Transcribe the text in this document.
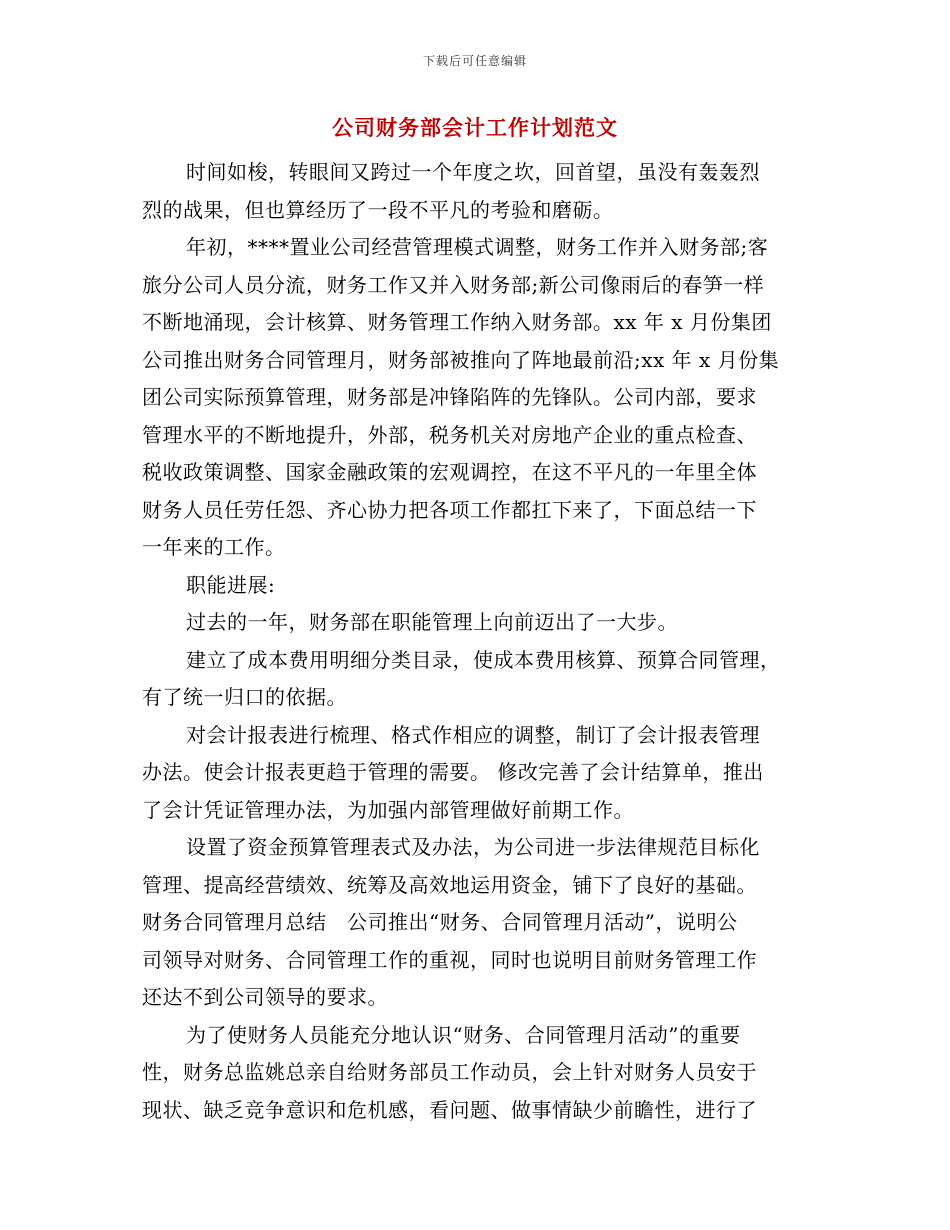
下载后可任意编辑
公司财务部会计工作计划范文
时间如梭，转眼间又跨过一个年度之坎，回首望，虽没有轰轰烈
烈的战果，但也算经历了一段不平凡的考验和磨砺。
年初，****置业公司经营管理模式调整，财务工作并入财务部;客
旅分公司人员分流，财务工作又并入财务部;新公司像雨后的春笋一样
不断地涌现，会计核算、财务管理工作纳入财务部。xx 年 x 月份集团
公司推出财务合同管理月，财务部被推向了阵地最前沿;xx 年 x 月份集
团公司实际预算管理，财务部是冲锋陷阵的先锋队。公司内部，要求
管理水平的不断地提升，外部，税务机关对房地产企业的重点检查、
税收政策调整、国家金融政策的宏观调控，在这不平凡的一年里全体
财务人员任劳任怨、齐心协力把各项工作都扛下来了，下面总结一下
一年来的工作。
职能进展:
过去的一年，财务部在职能管理上向前迈出了一大步。
建立了成本费用明细分类目录，使成本费用核算、预算合同管理，
有了统一归口的依据。
对会计报表进行梳理、格式作相应的调整，制订了会计报表管理
办法。使会计报表更趋于管理的需要。 修改完善了会计结算单，推出
了会计凭证管理办法，为加强内部管理做好前期工作。
设置了资金预算管理表式及办法，为公司进一步法律规范目标化
管理、提高经营绩效、统筹及高效地运用资金，铺下了良好的基础。
财务合同管理月总结　公司推出“财务、合同管理月活动”，说明公
司领导对财务、合同管理工作的重视，同时也说明目前财务管理工作
还达不到公司领导的要求。
为了使财务人员能充分地认识“财务、合同管理月活动”的重要
性，财务总监姚总亲自给财务部员工作动员，会上针对财务人员安于
现状、缺乏竞争意识和危机感，看问题、做事情缺少前瞻性，进行了
